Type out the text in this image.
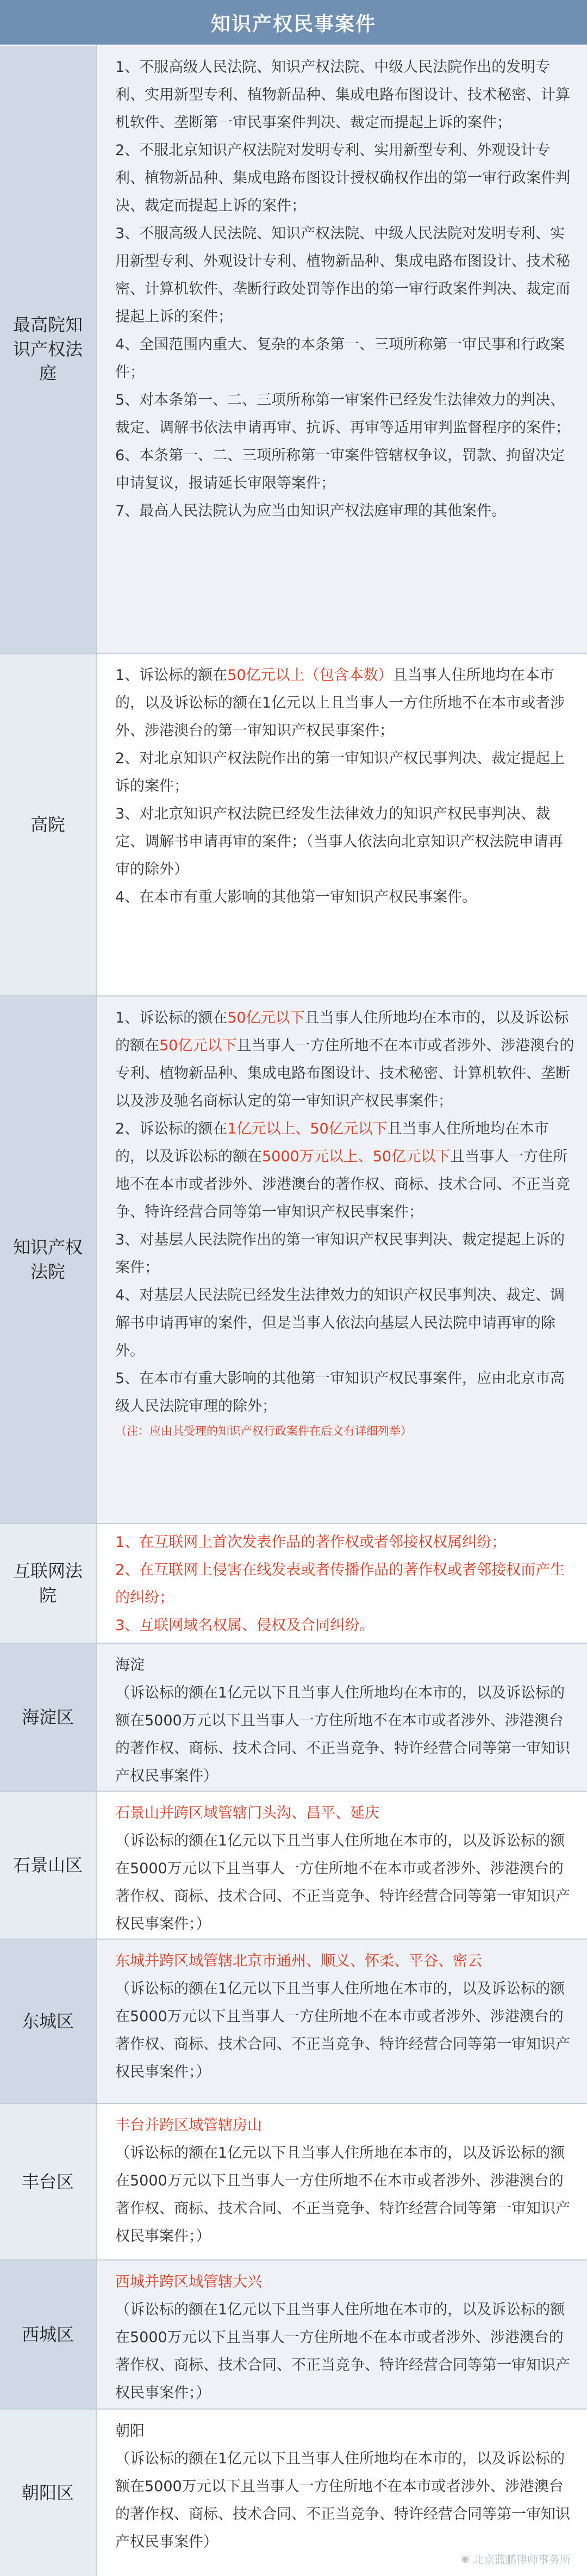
知识产权民事案件
最高院知识产权法庭

1、不服高级人民法院、知识产权法院、中级人民法院作出的发明专利、实用新型专利、植物新品种、集成电路布图设计、技术秘密、计算机软件、垄断第一审民事案件判决、裁定而提起上诉的案件；

2、不服北京知识产权法院对发明专利、实用新型专利、外观设计专利、植物新品种、集成电路布图设计授权确权作出的第一审行政案件判决、裁定而提起上诉的案件；

3、不服高级人民法院、知识产权法院、中级人民法院对发明专利、实用新型专利、外观设计专利、植物新品种、集成电路布图设计、技术秘密、计算机软件、垄断行政处罚等作出的第一审行政案件判决、裁定而提起上诉的案件；

4、全国范围内重大、复杂的本条第一、三项所称第一审民事和行政案件；

5、对本条第一、二、三项所称第一审案件已经发生法律效力的判决、裁定、调解书依法申请再审、抗诉、再审等适用审判监督程序的案件；

6、本条第一、二、三项所称第一审案件管辖权争议，罚款、拘留决定申请复议，报请延长审限等案件；

7、最高人民法院认为应当由知识产权法庭审理的其他案件。

高院

1、诉讼标的额在50亿元以上（包含本数）且当事人住所地均在本市的，以及诉讼标的额在1亿元以上且当事人一方住所地不在本市或者涉外、涉港澳台的第一审知识产权民事案件；

2、对北京知识产权法院作出的第一审知识产权民事判决、裁定提起上诉的案件；

3、对北京知识产权法院已经发生法律效力的知识产权民事判决、裁定、调解书申请再审的案件；（当事人依法向北京知识产权法院申请再审的除外）

4、在本市有重大影响的其他第一审知识产权民事案件。

知识产权法院

1、诉讼标的额在50亿元以下且当事人住所地均在本市的，以及诉讼标的额在50亿元以下且当事人一方住所地不在本市或者涉外、涉港澳台的专利、植物新品种、集成电路布图设计、技术秘密、计算机软件、垄断以及涉及驰名商标认定的第一审知识产权民事案件；

2、诉讼标的额在1亿元以上、50亿元以下且当事人住所地均在本市的，以及诉讼标的额在5000万元以上、50亿元以下且当事人一方住所地不在本市或者涉外、涉港澳台的著作权、商标、技术合同、不正当竞争、特许经营合同等第一审知识产权民事案件；

3、对基层人民法院作出的第一审知识产权民事判决、裁定提起上诉的案件；

4、对基层人民法院已经发生法律效力的知识产权民事判决、裁定、调解书申请再审的案件，但是当事人依法向基层人民法院申请再审的除外。

5、在本市有重大影响的其他第一审知识产权民事案件，应由北京市高级人民法院审理的除外；

（注：应由其受理的知识产权行政案件在后文有详细列举）

互联网法院

1、在互联网上首次发表作品的著作权或者邻接权权属纠纷；

2、在互联网上侵害在线发表或者传播作品的著作权或者邻接权而产生的纠纷；

3、互联网域名权属、侵权及合同纠纷。

海淀区

海淀

（诉讼标的额在1亿元以下且当事人住所地均在本市的，以及诉讼标的额在5000万元以下且当事人一方住所地不在本市或者涉外、涉港澳台的著作权、商标、技术合同、不正当竞争、特许经营合同等第一审知识产权民事案件）

石景山区

石景山并跨区域管辖门头沟、昌平、延庆

（诉讼标的额在1亿元以下且当事人住所地在本市的，以及诉讼标的额在5000万元以下且当事人一方住所地不在本市或者涉外、涉港澳台的著作权、商标、技术合同、不正当竞争、特许经营合同等第一审知识产权民事案件；）

东城区

东城并跨区域管辖北京市通州、顺义、怀柔、平谷、密云

（诉讼标的额在1亿元以下且当事人住所地在本市的，以及诉讼标的额在5000万元以下且当事人一方住所地不在本市或者涉外、涉港澳台的著作权、商标、技术合同、不正当竞争、特许经营合同等第一审知识产权民事案件；）

丰台区

丰台并跨区域管辖房山

（诉讼标的额在1亿元以下且当事人住所地在本市的，以及诉讼标的额在5000万元以下且当事人一方住所地不在本市或者涉外、涉港澳台的著作权、商标、技术合同、不正当竞争、特许经营合同等第一审知识产权民事案件；）

西城区

西城并跨区域管辖大兴

（诉讼标的额在1亿元以下且当事人住所地在本市的，以及诉讼标的额在5000万元以下且当事人一方住所地不在本市或者涉外、涉港澳台的著作权、商标、技术合同、不正当竞争、特许经营合同等第一审知识产权民事案件；）

朝阳区

朝阳

（诉讼标的额在1亿元以下且当事人住所地均在本市的，以及诉讼标的额在5000万元以下且当事人一方住所地不在本市或者涉外、涉港澳台的著作权、商标、技术合同、不正当竞争、特许经营合同等第一审知识产权民事案件）

◉ 北京蓝鹏律师事务所
